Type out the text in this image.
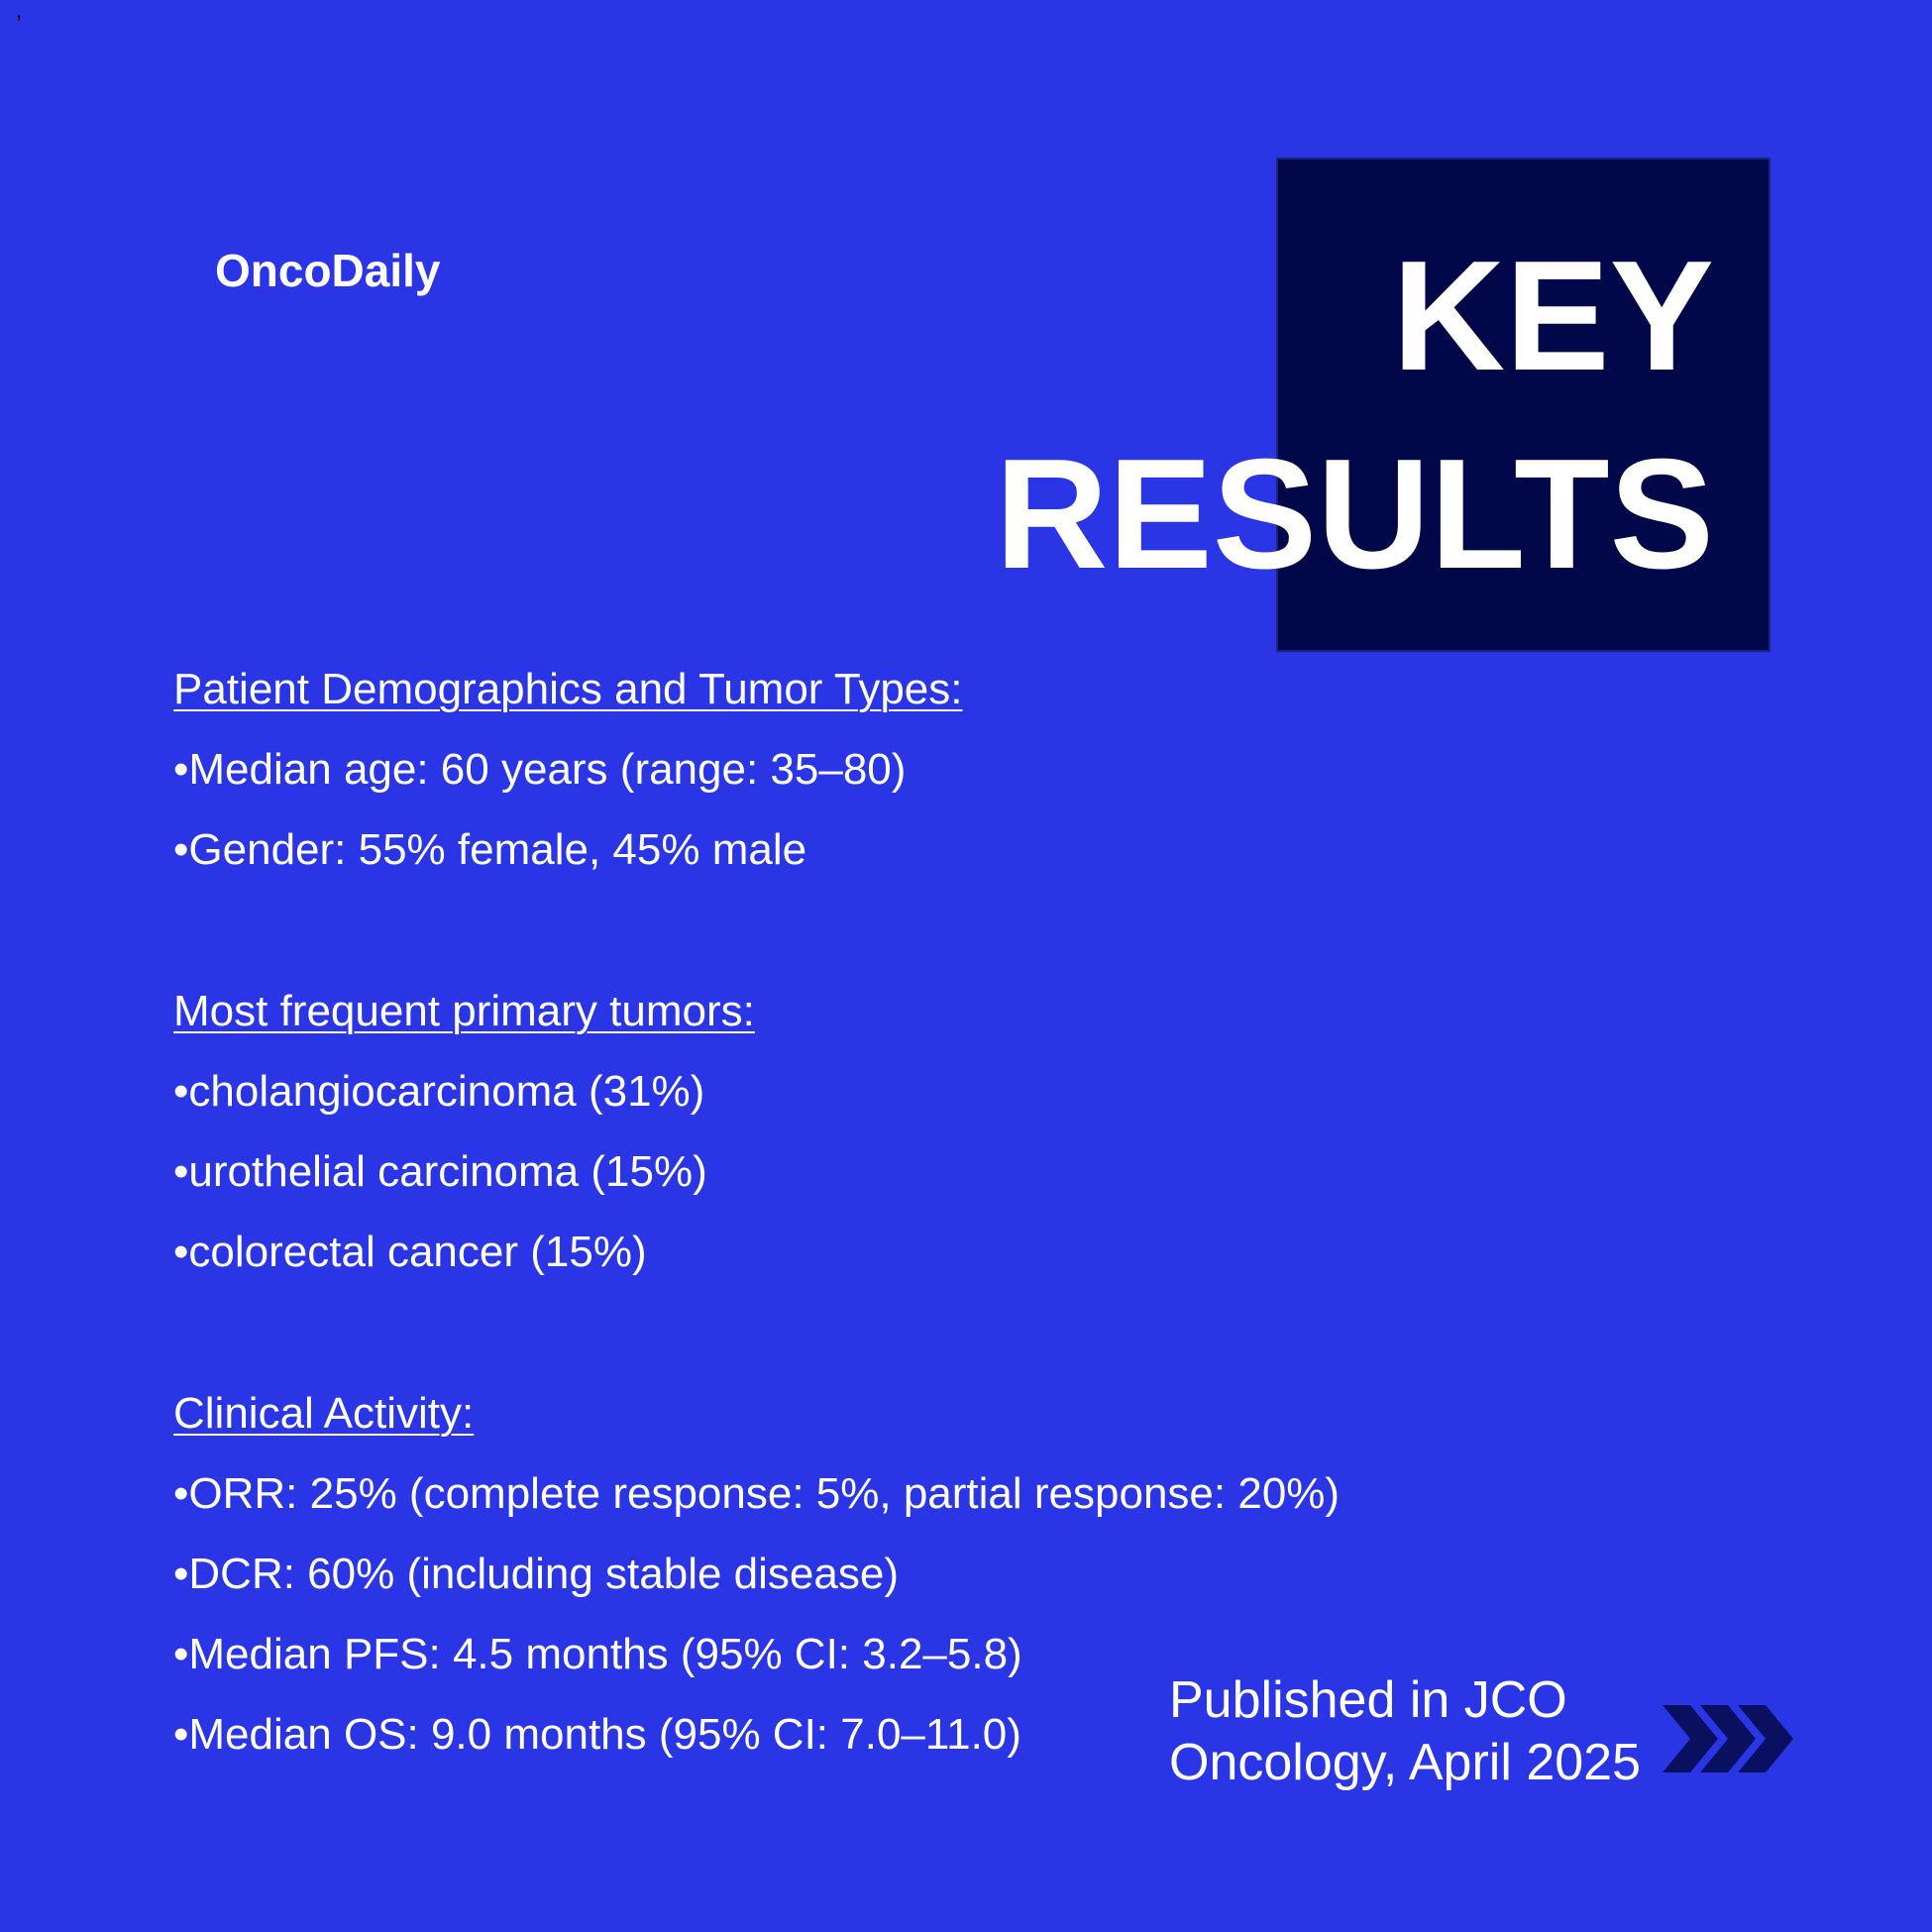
,
OncoDaily	KEY
RESULTS
Patient Demographics and Tumor Types:
•Median age: 60 years (range: 35–80)
•Gender: 55% female, 45% male
Most frequent primary tumors:
•cholangiocarcinoma (31%)
•urothelial carcinoma (15%)
•colorectal cancer (15%)
Clinical Activity:
•ORR: 25% (complete response: 5%, partial response: 20%)
•DCR: 60% (including stable disease)
•Median PFS: 4.5 months (95% CI: 3.2–5.8)
•Median OS: 9.0 months (95% CI: 7.0–11.0)
Published in JCO
Oncology, April 2025
